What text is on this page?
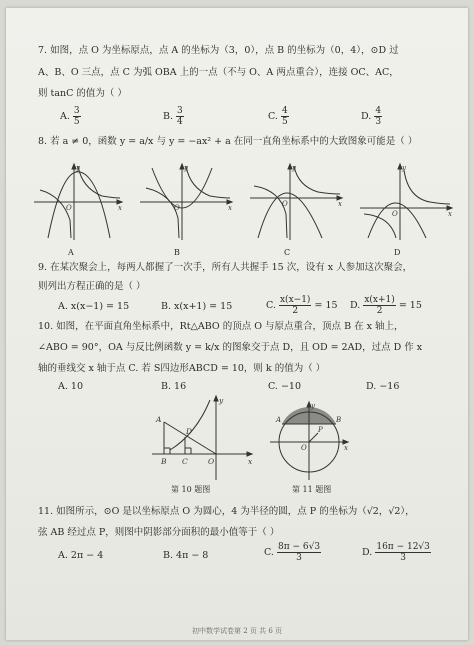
7. 如图，点 O 为坐标原点，点 A 的坐标为（3，0），点 B 的坐标为（0，4），⊙D 过
A、B、O 三点，点 C 为弧 OBA 上的一点（不与 O、A 两点重合），连接 OC、AC，
则 tanC 的值为（ ）
A. $\frac{3}{5}$	B. $\frac{3}{4}$	C. $\frac{4}{5}$	D. $\frac{4}{3}$
8. 若 a ≠ 0，函数 y = a/x 与 y = −ax² + a 在同一直角坐标系中的大致图象可能是（ ）
y
x
O
y
x
O
y
x
O
y
x
O
A	B	C	D
9. 在某次聚会上，每两人都握了一次手，所有人共握手 15 次，设有 x 人参加这次聚会，
则列出方程正确的是（ ）
A. x(x−1) = 15	B. x(x+1) = 15	C. $\frac{x(x-1)}{2} = 15$ D. $\frac{x(x+1)}{2} = 15$
10. 如图，在平面直角坐标系中，Rt△ABO 的顶点 O 与原点重合，顶点 B 在 x 轴上，
∠ABO = 90°，OA 与反比例函数 y = k/x 的图象交于点 D，且 OD = 2AD，过点 D 作 x
轴的垂线交 x 轴于点 C. 若 S四边形ABCD = 10，则 k 的值为（ ）
A. 10	B. 16	C. −10	D. −16
A
D
B C	O	x
y
第 10 题图
y
A
P
B
O	x
第 11 题图
11. 如图所示，⊙O 是以坐标原点 O 为圆心，4 为半径的圆，点 P 的坐标为（√2，√2），
弦 AB 经过点 P，则图中阴影部分面积的最小值等于（ ）
A. 2π − 4	B. 4π − 8	C. $\frac{8\pi - 6√3}{3}$	D. $\frac{16\pi - 12√3}{3}$
初中数学试卷第 2 页 共 6 页
